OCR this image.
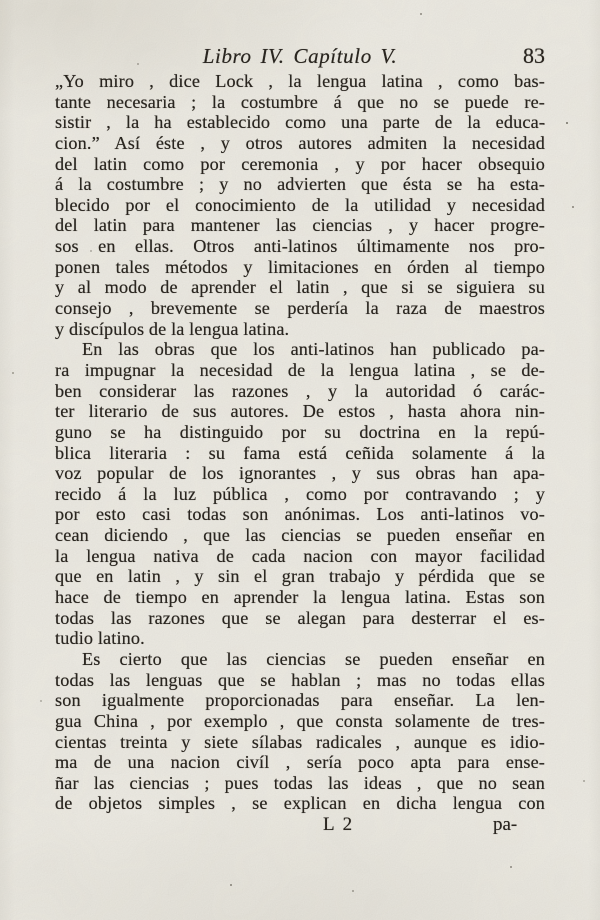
Libro IV. Capítulo V.	83
„Yo miro , dice Lock , la lengua latina , como bas-
tante necesaria ; la costumbre á que no se puede re-
sistir , la ha establecido como una parte de la educa-
cion.” Así éste , y otros autores admiten la necesidad
del latin como por ceremonia , y por hacer obsequio
á la costumbre ; y no advierten que ésta se ha esta-
blecido por el conocimiento de la utilidad y necesidad
del latin para mantener las ciencias , y hacer progre-
sos en ellas. Otros anti-latinos últimamente nos pro-
ponen tales métodos y limitaciones en órden al tiempo
y al modo de aprender el latin , que si se siguiera su
consejo , brevemente se perdería la raza de maestros
y discípulos de la lengua latina.
En las obras que los anti-latinos han publicado pa-
ra impugnar la necesidad de la lengua latina , se de-
ben considerar las razones , y la autoridad ó carác-
ter literario de sus autores. De estos , hasta ahora nin-
guno se ha distinguido por su doctrina en la repú-
blica literaria : su fama está ceñida solamente á la
voz popular de los ignorantes , y sus obras han apa-
recido á la luz pública , como por contravando ; y
por esto casi todas son anónimas. Los anti-latinos vo-
cean diciendo , que las ciencias se pueden enseñar en
la lengua nativa de cada nacion con mayor facilidad
que en latin , y sin el gran trabajo y pérdida que se
hace de tiempo en aprender la lengua latina. Estas son
todas las razones que se alegan para desterrar el es-
tudio latino.
Es cierto que las ciencias se pueden enseñar en
todas las lenguas que se hablan ; mas no todas ellas
son igualmente proporcionadas para enseñar. La len-
gua China , por exemplo , que consta solamente de tres-
cientas treinta y siete sílabas radicales , aunque es idio-
ma de una nacion civíl , sería poco apta para ense-
ñar las ciencias ; pues todas las ideas , que no sean
de objetos simples , se explican en dicha lengua con
L 2	pa-
